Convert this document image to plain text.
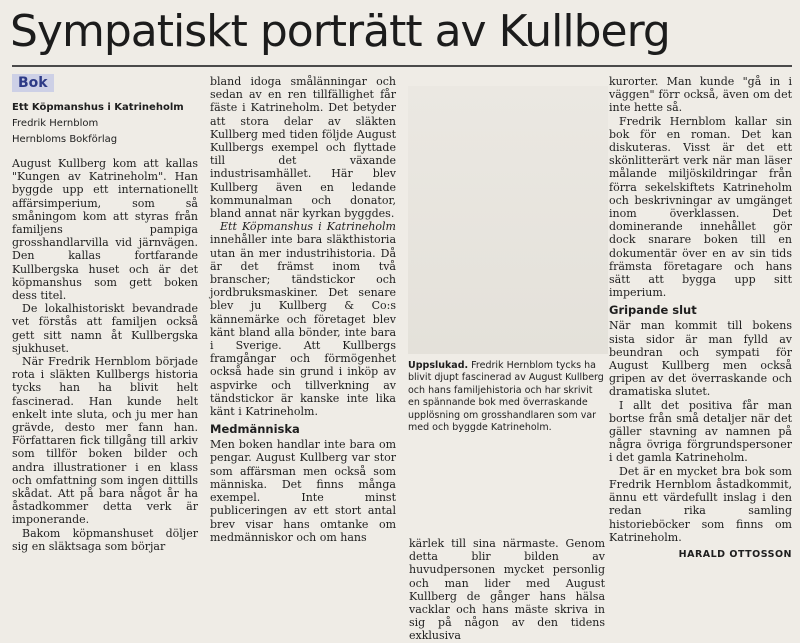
Sympatiskt porträtt av Kullberg
Bok
Ett Köpmanshus i Katrineholm
Fredrik Hernblom
Hernbloms Bokförlag

August Kullberg kom att kallas "Kungen av Katrineholm". Han byggde upp ett internationellt affärsimperium, som så småningom kom att styras från familjens pampiga grosshandlarvilla vid järnvägen. Den kallas fortfarande Kullbergska huset och är det köpmanshus som gett boken dess titel.

De lokalhistoriskt bevandrade vet förstås att familjen också gett sitt namn åt Kullbergska sjukhuset.

När Fredrik Hernblom började rota i släkten Kullbergs historia tycks han ha blivit helt fascinerad. Han kunde helt enkelt inte sluta, och ju mer han grävde, desto mer fann han. Författaren fick tillgång till arkiv som tillför boken bilder och andra illustrationer i en klass och omfattning som ingen dittills skådat. Att på bara något år ha åstadkommer detta verk är imponerande.

Bakom köpmanshuset döljer sig en släktsaga som börjar

bland idoga smålänningar och sedan av en ren tillfällighet får fäste i Katrineholm. Det betyder att stora delar av släkten Kullberg med tiden följde August Kullbergs exempel och flyttade till det växande industrisamhället. Här blev Kullberg även en ledande kommunalman och donator, bland annat när kyrkan byggdes.

Ett Köpmanshus i Katrineholm innehåller inte bara släkthistoria utan än mer industrihistoria. Då är det främst inom två branscher; tändstickor och jordbruksmaskiner. Det senare blev ju Kullberg & Co:s kännemärke och företaget blev känt bland alla bönder, inte bara i Sverige. Att Kullbergs framgångar och förmögenhet också hade sin grund i inköp av aspvirke och tillverkning av tändstickor är kanske inte lika känt i Katrineholm.

Medmänniska

Men boken handlar inte bara om pengar. August Kullberg var stor som affärsman men också som människa. Det finns många exempel. Inte minst publiceringen av ett stort antal brev visar hans omtanke om medmänniskor och om hans

Uppslukad. Fredrik Hernblom tycks ha blivit djupt fascinerad av August Kullberg och hans familjehistoria och har skrivit en spännande bok med överraskande upplösning om grosshandlaren som var med och byggde Katrineholm.

kärlek till sina närmaste. Genom detta blir bilden av huvudpersonen mycket personlig och man lider med August Kullberg de gånger hans hälsa vacklar och hans mäste skriva in sig på någon av den tidens exklusiva

kurorter. Man kunde "gå in i väggen" förr också, även om det inte hette så.

Fredrik Hernblom kallar sin bok för en roman. Det kan diskuteras. Visst är det ett skönlitterärt verk när man läser målande miljöskildringar från förra sekelskiftets Katrineholm och beskrivningar av umgänget inom överklassen. Det dominerande innehållet gör dock snarare boken till en dokumentär över en av sin tids främsta företagare och hans sätt att bygga upp sitt imperium.

Gripande slut

När man kommit till bokens sista sidor är man fylld av beundran och sympati för August Kullberg men också gripen av det överraskande och dramatiska slutet.

I allt det positiva får man bortse från små detaljer när det gäller stavning av namnen på några övriga förgrundspersoner i det gamla Katrineholm.

Det är en mycket bra bok som Fredrik Hernblom åstadkommit, ännu ett värdefullt inslag i den redan rika samling historieböcker som finns om Katrineholm.

HARALD OTTOSSON
